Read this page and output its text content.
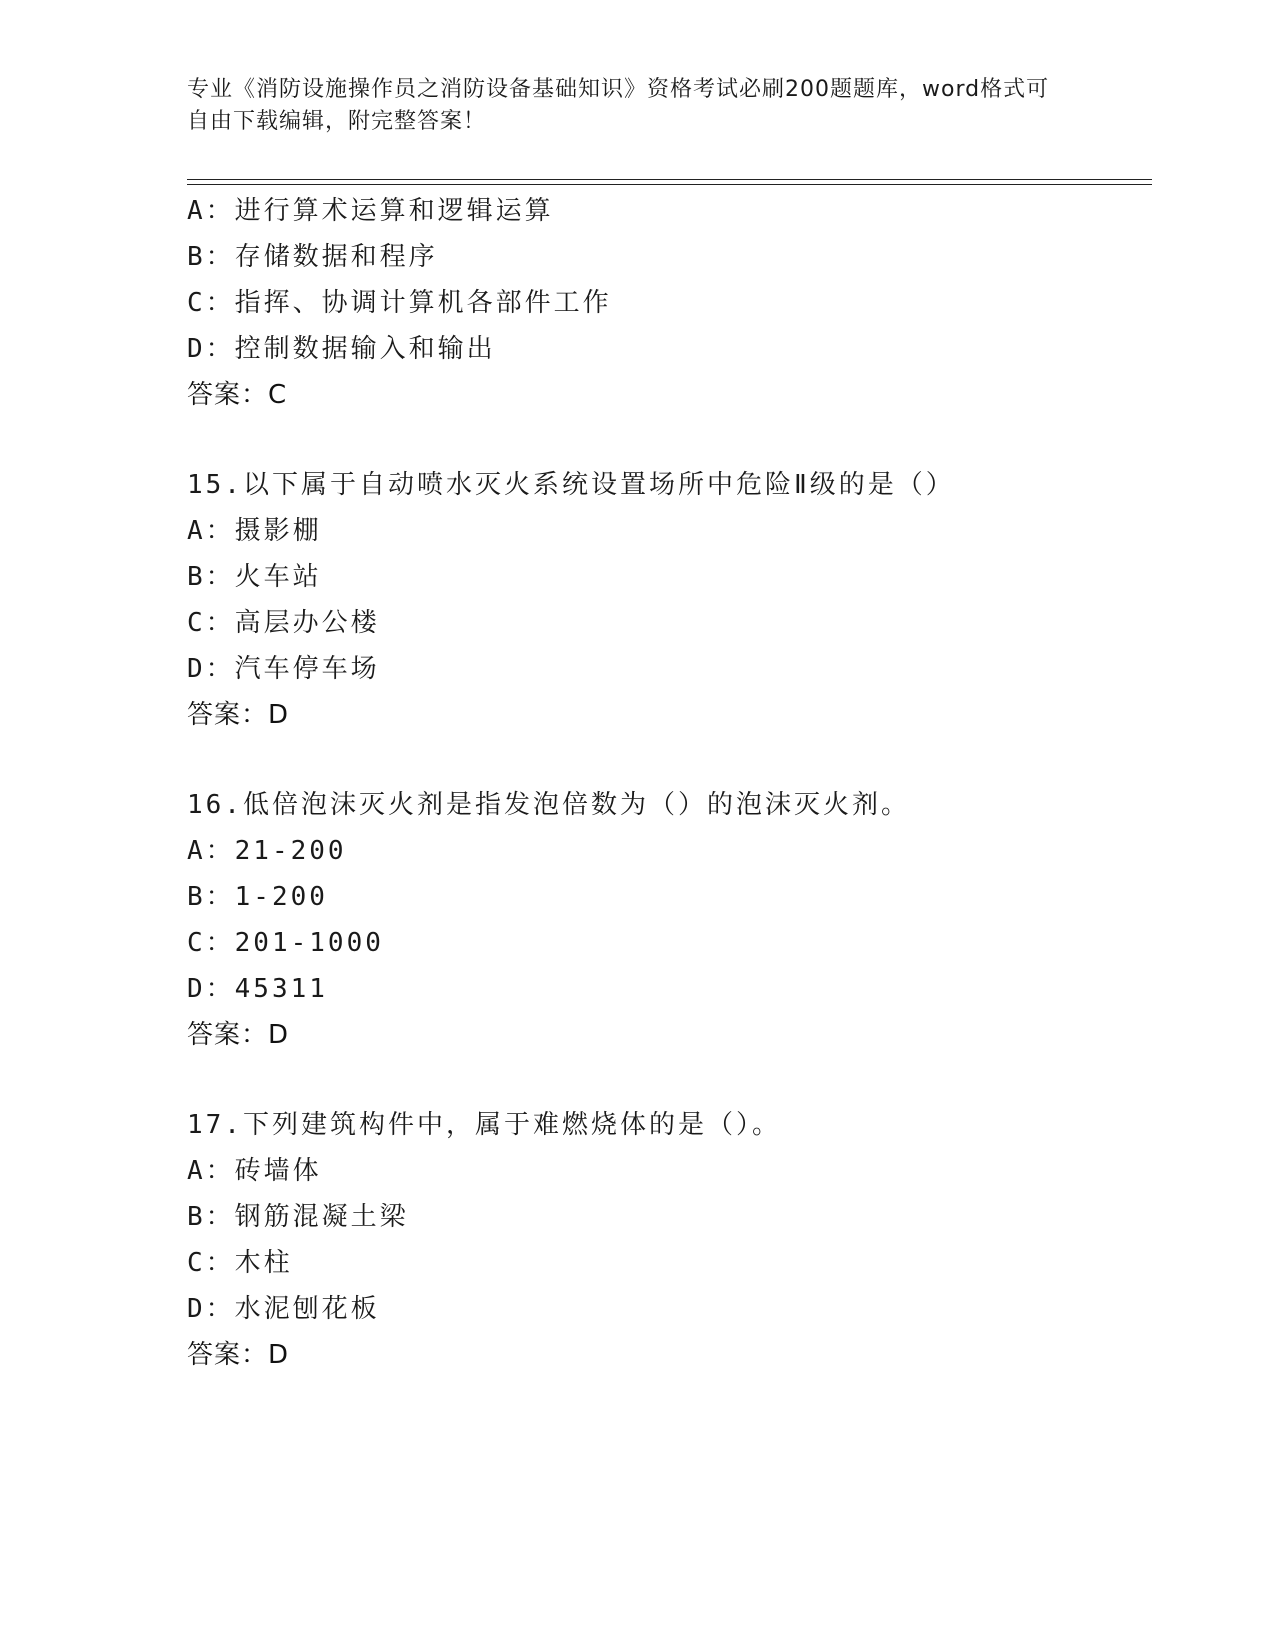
专业《消防设施操作员之消防设备基础知识》资格考试必刷200题题库，word格式可自由下载编辑，附完整答案！
A：进行算术运算和逻辑运算
B：存储数据和程序
C：指挥、协调计算机各部件工作
D：控制数据输入和输出
答案：C
15.以下属于自动喷水灭火系统设置场所中危险Ⅱ级的是（）
A：摄影棚
B：火车站
C：高层办公楼
D：汽车停车场
答案：D
16.低倍泡沫灭火剂是指发泡倍数为（）的泡沫灭火剂。
A：21-200
B：1-200
C：201-1000
D：45311
答案：D
17.下列建筑构件中，属于难燃烧体的是（）。
A：砖墙体
B：钢筋混凝土梁
C：木柱
D：水泥刨花板
答案：D
